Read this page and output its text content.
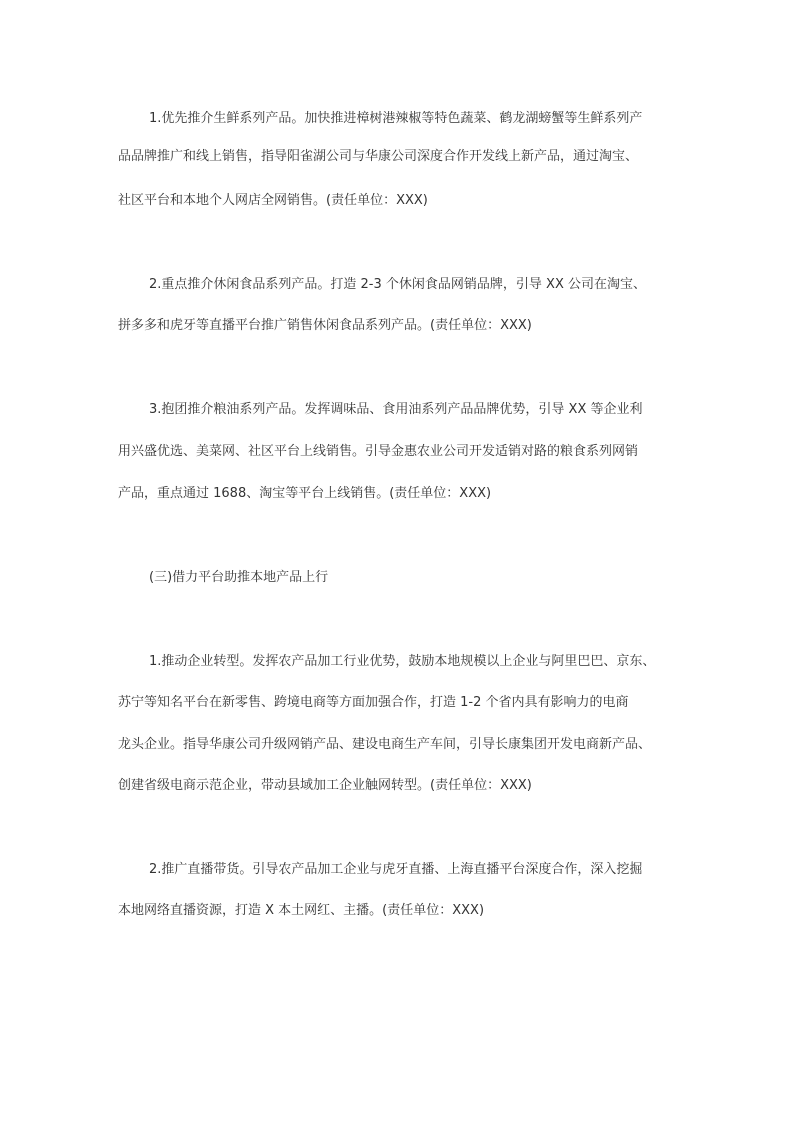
1.优先推介生鲜系列产品。加快推进樟树港辣椒等特色蔬菜、鹤龙湖螃蟹等生鲜系列产
品品牌推广和线上销售，指导阳雀湖公司与华康公司深度合作开发线上新产品，通过淘宝、
社区平台和本地个人网店全网销售。(责任单位：XXX)
2.重点推介休闲食品系列产品。打造 2-3 个休闲食品网销品牌，引导 XX 公司在淘宝、
拼多多和虎牙等直播平台推广销售休闲食品系列产品。(责任单位：XXX)
3.抱团推介粮油系列产品。发挥调味品、食用油系列产品品牌优势，引导 XX 等企业利
用兴盛优选、美菜网、社区平台上线销售。引导金惠农业公司开发适销对路的粮食系列网销
产品，重点通过 1688、淘宝等平台上线销售。(责任单位：XXX)
(三)借力平台助推本地产品上行
1.推动企业转型。发挥农产品加工行业优势，鼓励本地规模以上企业与阿里巴巴、京东、
苏宁等知名平台在新零售、跨境电商等方面加强合作，打造 1-2 个省内具有影响力的电商
龙头企业。指导华康公司升级网销产品、建设电商生产车间，引导长康集团开发电商新产品、
创建省级电商示范企业，带动县域加工企业触网转型。(责任单位：XXX)
2.推广直播带货。引导农产品加工企业与虎牙直播、上海直播平台深度合作，深入挖掘
本地网络直播资源，打造 X 本土网红、主播。(责任单位：XXX)
